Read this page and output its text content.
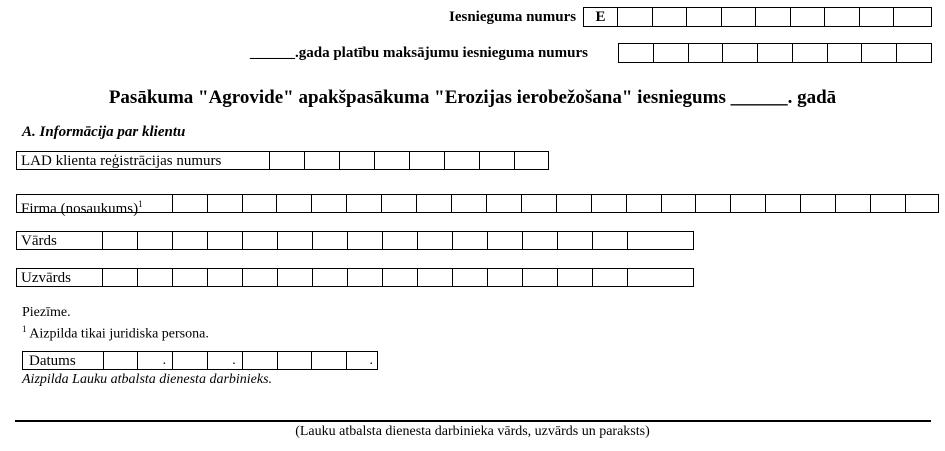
Iesnieguma numurs	E
______.gada platību maksājumu iesnieguma numurs
Pasākuma "Agrovide" apakšpasākuma "Erozijas ierobežošana" iesniegums ______. gadā
A. Informācija par klientu
LAD klienta reģistrācijas numurs
Firma (nosaukums)$^1$
Vārds
Uzvārds
Piezīme.
$^1$ Aizpilda tikai juridiska persona.
Datums	.	.	.
Aizpilda Lauku atbalsta dienesta darbinieks.
(Lauku atbalsta dienesta darbinieka vārds, uzvārds un paraksts)
